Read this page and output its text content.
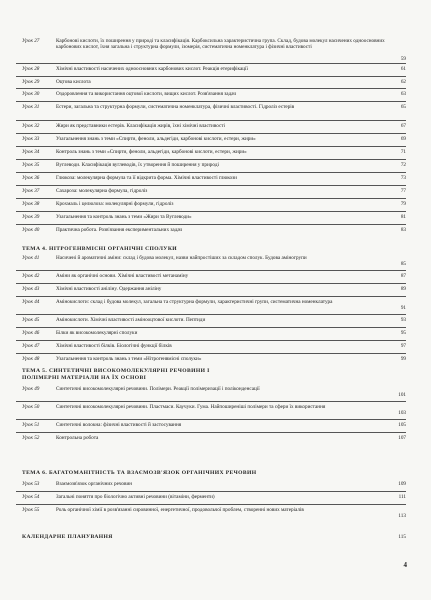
Урок 27	Карбонові кислоти, їх поширення у природі та класифікація. Карбоксильна характеристична група. Склад, будова молекул насичених одноосновних карбонових кислот, їхня загальна і структурна формули, ізомерія, систематична номенклатура і фізичні властивості
59
Урок 28	Хімічні властивості насичених одноосновних карбонових кислот. Реакція етерифікації	61
Урок 29	Оцтова кислота	62
Урок 30	Оздоровлення та використання оцтової кислоти, вищих кислот. Розв'язання задач	63
Урок 31	Естери, загальна та структурна формули, систематична номенклатура, фізичні властивості. Гідроліз естерів	65
Урок 32	Жири як представники естерів. Класифікація жирів, їхні хімічні властивості	67
Урок 33	Узагальнення знань з теми «Спирти, феноли, альдегіди, карбонові кислоти, естери, жири»	69
Урок 34	Контроль знань з теми «Спирти, феноли, альдегіди, карбонові кислоти, естери, жири»	71
Урок 35	Вуглеводи. Класифікація вуглеводів, їх утворення й поширення у природі	72
Урок 36	Глюкоза: молекулярна формула та її відкрита форма. Хімічні властивості глюкози	73
Урок 37	Сахароза: молекулярна формула, гідроліз	77
Урок 38	Крохмаль і целюлоза: молекулярні формули, гідроліз	79
Урок 39	Узагальнення та контроль знань з теми «Жири та Вуглеводи»	81
Урок 40	Практична робота. Розв'язання експериментальних задач	83
ТЕМА 4. НІТРОГЕНВМІСНІ ОРГАНІЧНІ СПОЛУКИ
Урок 41	Насичені й ароматичні аміни: склад і будова молекул, назви найпростіших за складом сполук. Будова аміногрупи
85
Урок 42	Аміни як органічні основи. Хімічні властивості метанаміну	87
Урок 43	Хімічні властивості аніліну. Одержання аніліну	89
Урок 44	Амінокислоти: склад і будова молекул, загальна та структурна формули, характеристичні групи, систематична номенклатура
91
Урок 45	Амінокислоти. Хімічні властивості амінооцтової кислоти. Пептиди	93
Урок 46	Білки як високомолекулярні сполуки	95
Урок 47	Хімічні властивості білків. Біологічні функції білків	97
Урок 48	Узагальнення та контроль знань з теми «Нітрогенвмісні сполуки»	99
ТЕМА 5. СИНТЕТИЧНІ ВИСОКОМОЛЕКУЛЯРНІ РЕЧОВИНИ І ПОЛІМЕРНІ МАТЕРІАЛИ НА ЇХ ОСНОВІ
Урок 49	Синтетичні високомолекулярні речовини. Полімери. Реакції полімеризації і поліконденсації
101
Урок 50	Синтетичні високомолекулярні речовини. Пластмаси. Каучуки. Гума. Найпоширеніші полімери та сфери їх використання
103
Урок 51	Синтетичні волокна: фізичні властивості й застосування	105
Урок 52	Контрольна робота	107
ТЕМА 6. БАГАТОМАНІТНІСТЬ ТА ВЗАЄМОЗВ'ЯЗОК ОРГАНІЧНИХ РЕЧОВИН
Урок 53	Взаємозв'язок органічних речовин	109
Урок 54	Загальні поняття про біологічно активні речовини (вітаміни, ферменти)	111
Урок 55	Роль органічної хімії в розв'язанні сировинної, енергетичної, продовольчої проблем, створенні нових матеріалів
113
КАЛЕНДАРНЕ ПЛАНУВАННЯ	115
4
